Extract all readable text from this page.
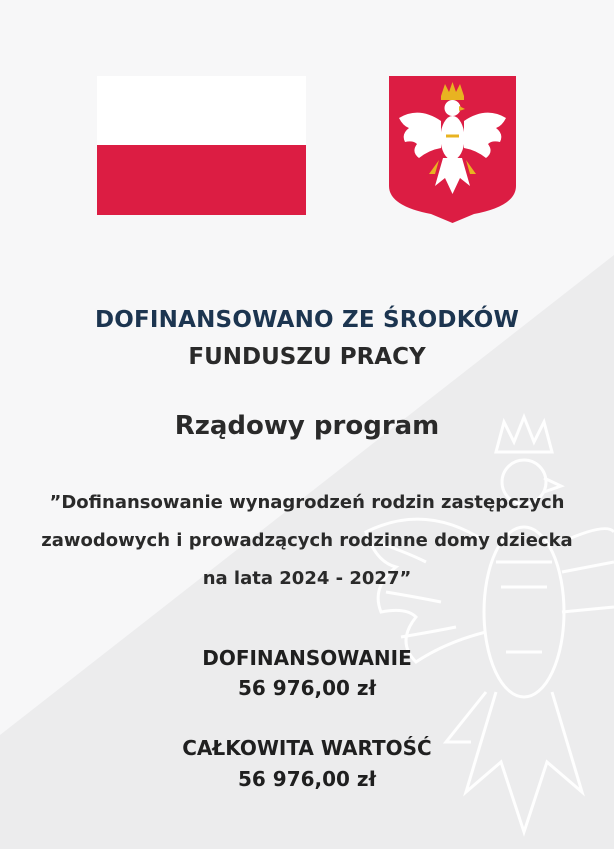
DOFINANSOWANO ZE ŚRODKÓW
FUNDUSZU PRACY
Rządowy program
”Dofinansowanie wynagrodzeń rodzin zastępczych
zawodowych i prowadzących rodzinne domy dziecka
na lata 2024 - 2027”
DOFINANSOWANIE
56 976,00 zł
CAŁKOWITA WARTOŚĆ
56 976,00 zł
